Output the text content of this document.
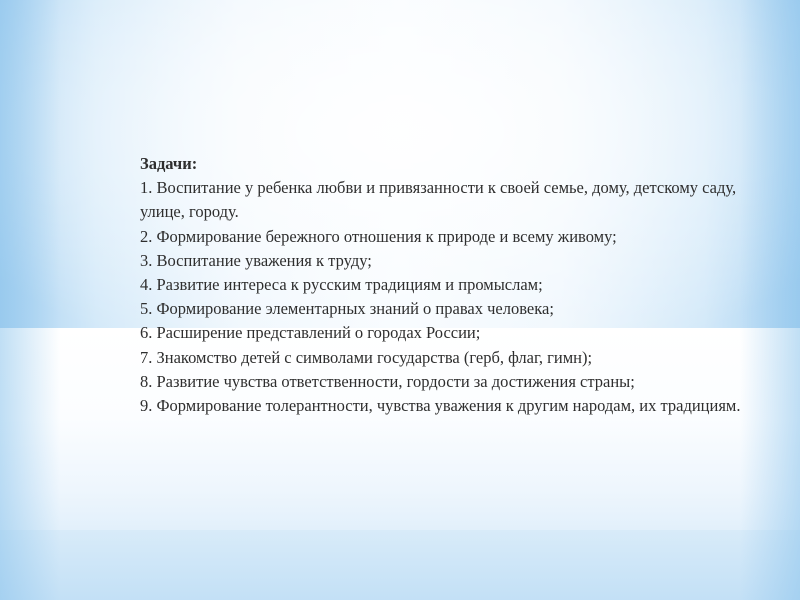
Задачи:

1. Воспитание у ребенка любви и привязанности к своей семье, дому, детскому саду, улице, городу.
2. Формирование бережного отношения к природе и всему живому;
3. Воспитание уважения к труду;
4. Развитие интереса к русским традициям и промыслам;
5. Формирование элементарных знаний о правах человека;
6. Расширение представлений о городах России;
7. Знакомство детей с символами государства (герб, флаг, гимн);
8. Развитие чувства ответственности, гордости за достижения страны;
9. Формирование толерантности, чувства уважения к другим народам, их традициям.
